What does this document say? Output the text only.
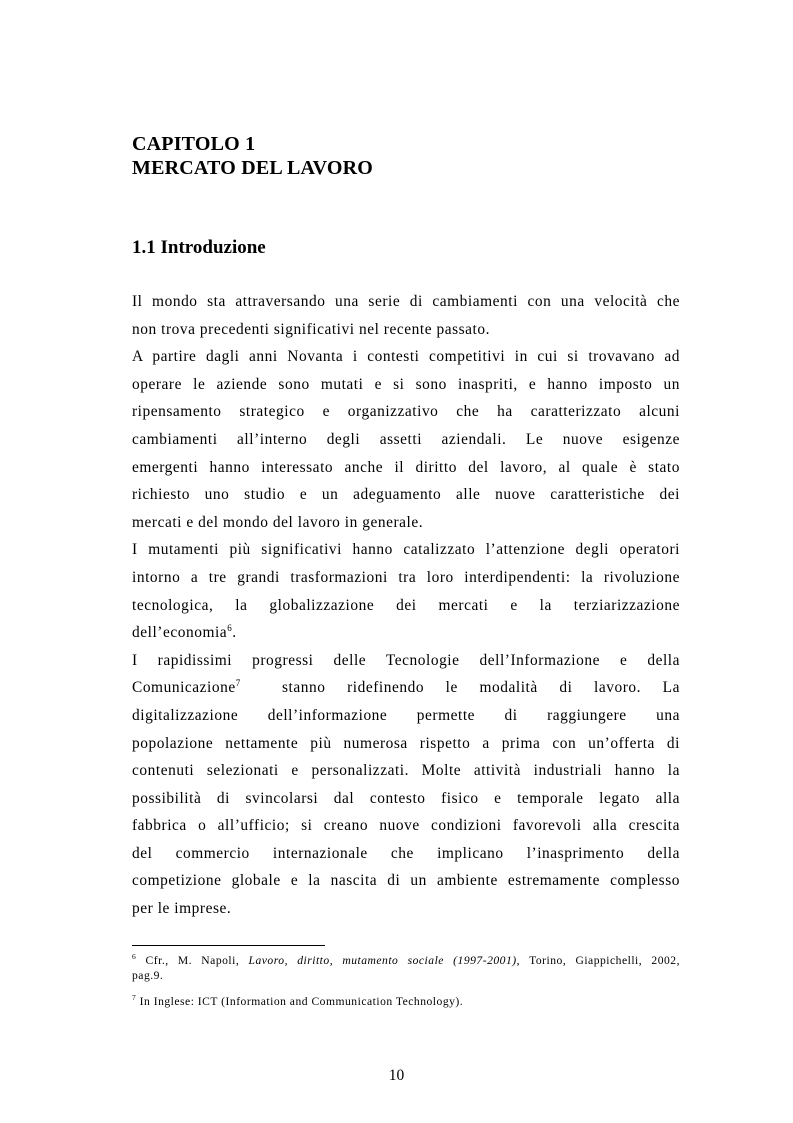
CAPITOLO 1
MERCATO DEL LAVORO
1.1 Introduzione
Il mondo sta attraversando una serie di cambiamenti con una velocità che
non trova precedenti significativi nel recente passato.
A partire dagli anni Novanta i contesti competitivi in cui si trovavano ad
operare le aziende sono mutati e si sono inaspriti, e hanno imposto un
ripensamento strategico e organizzativo che ha caratterizzato alcuni
cambiamenti all’interno degli assetti aziendali. Le nuove esigenze
emergenti hanno interessato anche il diritto del lavoro, al quale è stato
richiesto uno studio e un adeguamento alle nuove caratteristiche dei
mercati e del mondo del lavoro in generale.
I mutamenti più significativi hanno catalizzato l’attenzione degli operatori
intorno a tre grandi trasformazioni tra loro interdipendenti: la rivoluzione
tecnologica, la globalizzazione dei mercati e la terziarizzazione
dell’economia$^6$.
I rapidissimi progressi delle Tecnologie dell’Informazione e della
Comunicazione$^7$	stanno ridefinendo le modalità di lavoro. La
digitalizzazione dell’informazione permette di raggiungere una
popolazione nettamente più numerosa rispetto a prima con un’offerta di
contenuti selezionati e personalizzati. Molte attività industriali hanno la
possibilità di svincolarsi dal contesto fisico e temporale legato alla
fabbrica o all’ufficio; si creano nuove condizioni favorevoli alla crescita
del commercio internazionale che implicano l’inasprimento della
competizione globale e la nascita di un ambiente estremamente complesso
per le imprese.
$^6$ Cfr., M. Napoli, Lavoro, diritto, mutamento sociale (1997-2001), Torino, Giappichelli, 2002,
pag.9.
$^7$ In Inglese: ICT (Information and Communication Technology).
10
